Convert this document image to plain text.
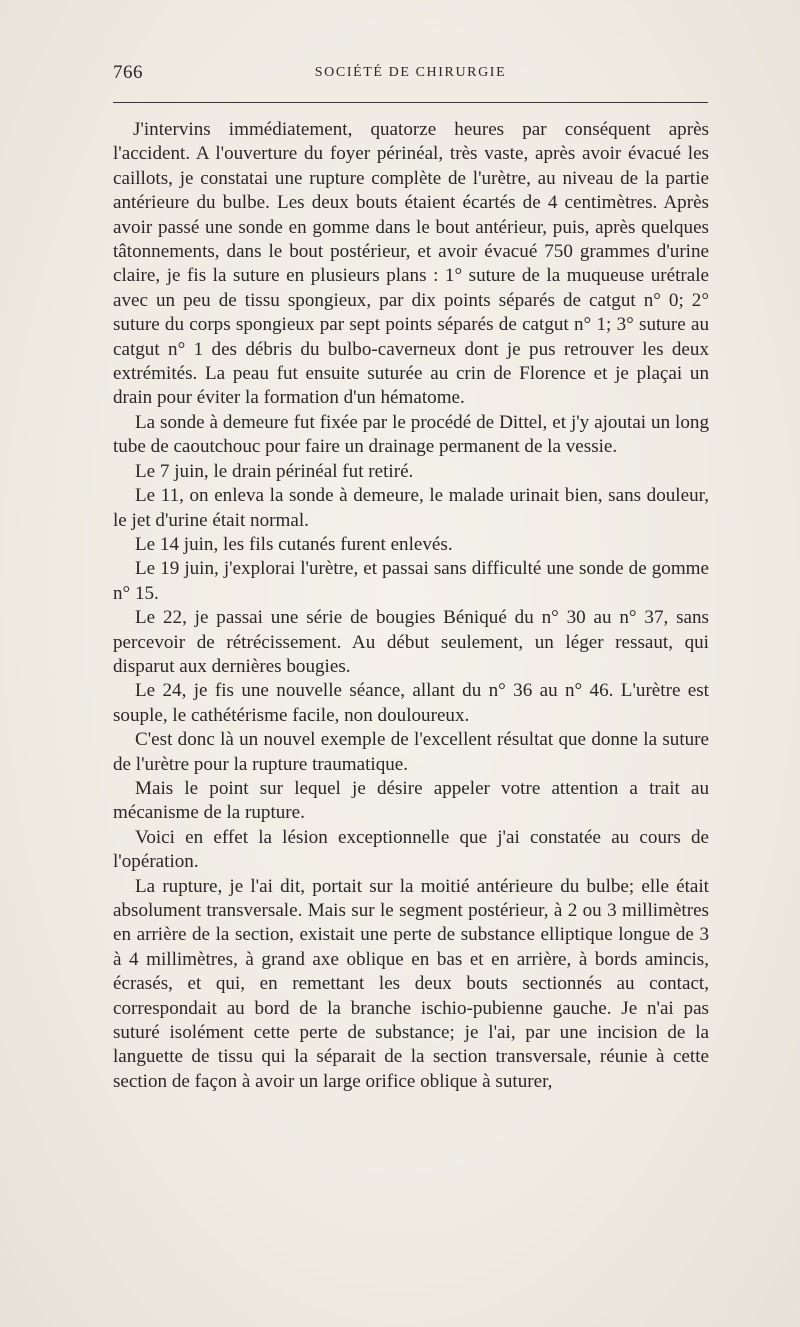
766	SOCIÉTÉ DE CHIRURGIE

J'intervins immédiatement, quatorze heures par conséquent après l'accident. A l'ouverture du foyer périnéal, très vaste, après avoir évacué les caillots, je constatai une rupture complète de l'urètre, au niveau de la partie antérieure du bulbe. Les deux bouts étaient écartés de 4 centimètres. Après avoir passé une sonde en gomme dans le bout antérieur, puis, après quelques tâtonnements, dans le bout postérieur, et avoir évacué 750 grammes d'urine claire, je fis la suture en plusieurs plans : 1° suture de la muqueuse urétrale avec un peu de tissu spongieux, par dix points séparés de catgut n° 0; 2° suture du corps spongieux par sept points séparés de catgut n° 1; 3° suture au catgut n° 1 des débris du bulbo-caverneux dont je pus retrouver les deux extrémités. La peau fut ensuite suturée au crin de Florence et je plaçai un drain pour éviter la formation d'un hématome.

La sonde à demeure fut fixée par le procédé de Dittel, et j'y ajoutai un long tube de caoutchouc pour faire un drainage permanent de la vessie.

Le 7 juin, le drain périnéal fut retiré.

Le 11, on enleva la sonde à demeure, le malade urinait bien, sans douleur, le jet d'urine était normal.

Le 14 juin, les fils cutanés furent enlevés.

Le 19 juin, j'explorai l'urètre, et passai sans difficulté une sonde de gomme n° 15.

Le 22, je passai une série de bougies Béniqué du n° 30 au n° 37, sans percevoir de rétrécissement. Au début seulement, un léger ressaut, qui disparut aux dernières bougies.

Le 24, je fis une nouvelle séance, allant du n° 36 au n° 46. L'urètre est souple, le cathétérisme facile, non douloureux.

C'est donc là un nouvel exemple de l'excellent résultat que donne la suture de l'urètre pour la rupture traumatique.

Mais le point sur lequel je désire appeler votre attention a trait au mécanisme de la rupture.

Voici en effet la lésion exceptionnelle que j'ai constatée au cours de l'opération.

La rupture, je l'ai dit, portait sur la moitié antérieure du bulbe; elle était absolument transversale. Mais sur le segment postérieur, à 2 ou 3 millimètres en arrière de la section, existait une perte de substance elliptique longue de 3 à 4 millimètres, à grand axe oblique en bas et en arrière, à bords amincis, écrasés, et qui, en remettant les deux bouts sectionnés au contact, correspondait au bord de la branche ischio-pubienne gauche. Je n'ai pas suturé isolément cette perte de substance; je l'ai, par une incision de la languette de tissu qui la séparait de la section transversale, réunie à cette section de façon à avoir un large orifice oblique à suturer,
